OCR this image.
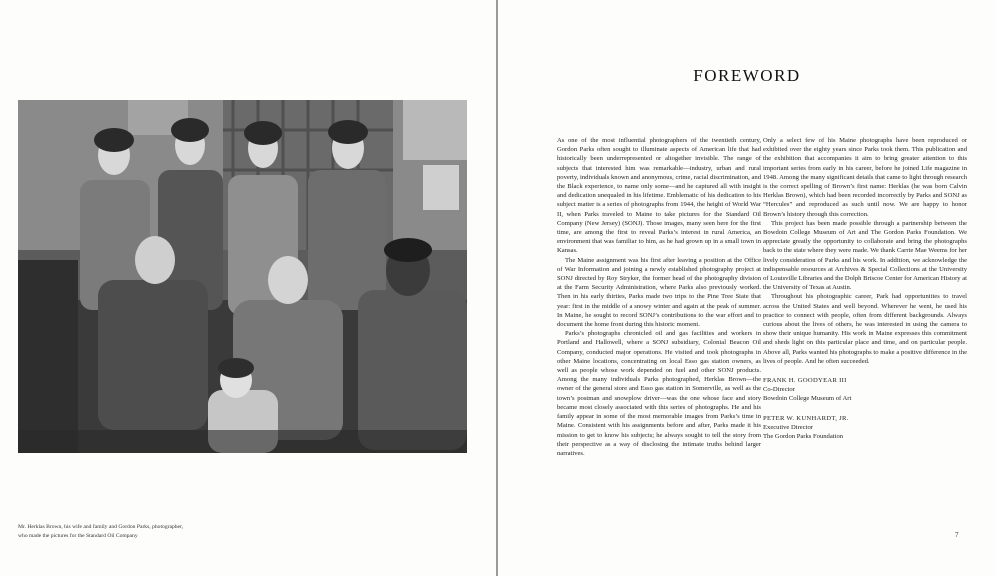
Mr. Herklas Brown, his wife and family and Gordon Parks, photographer,
who made the pictures for the Standard Oil Company
FOREWORD

As one of the most influential photographers of the twentieth century, Gordon Parks often sought to illuminate aspects of American life that had historically been underrepresented or altogether invisible. The range of subjects that interested him was remarkable—industry, urban and rural poverty, individuals known and anonymous, crime, racial discrimination, and the Black experience, to name only some—and he captured all with insight and dedication unequaled in his lifetime. Emblematic of his dedication to his subject matter is a series of photographs from 1944, the height of World War II, when Parks traveled to Maine to take pictures for the Standard Oil Company (New Jersey) (SONJ). Those images, many seen here for the first time, are among the first to reveal Parks’s interest in rural America, an environment that was familiar to him, as he had grown up in a small town in Kansas.

The Maine assignment was his first after leaving a position at the Office of War Information and joining a newly established photography project at SONJ directed by Roy Stryker, the former head of the photography division at the Farm Security Administration, where Parks also previously worked. Then in his early thirties, Parks made two trips to the Pine Tree State that year: first in the middle of a snowy winter and again at the peak of summer. In Maine, he sought to record SONJ’s contributions to the war effort and to document the home front during this historic moment.

Parks’s photographs chronicled oil and gas facilities and workers in Portland and Hallowell, where a SONJ subsidiary, Colonial Beacon Oil Company, conducted major operations. He visited and took photographs in other Maine locations, concentrating on local Esso gas station owners, as well as people whose work depended on fuel and other SONJ products. Among the many individuals Parks photographed, Herklas Brown—the owner of the general store and Esso gas station in Somerville, as well as the town’s postman and snowplow driver—was the one whose face and story became most closely associated with this series of photographs. He and his family appear in some of the most memorable images from Parks’s time in Maine. Consistent with his assignments before and after, Parks made it his mission to get to know his subjects; he always sought to tell the story from their perspective as a way of disclosing the intimate truths behind larger narratives.

Only a select few of his Maine photographs have been reproduced or exhibited over the eighty years since Parks took them. This publication and the exhibition that accompanies it aim to bring greater attention to this important series from early in his career, before he joined Life magazine in 1948. Among the many significant details that came to light through research is the correct spelling of Brown’s first name: Herklas (he was born Calvin Herklas Brown), which had been recorded incorrectly by Parks and SONJ as “Hercules” and reproduced as such until now. We are happy to honor Brown’s history through this correction.

This project has been made possible through a partnership between the Bowdoin College Museum of Art and The Gordon Parks Foundation. We appreciate greatly the opportunity to collaborate and bring the photographs back to the state where they were made. We thank Carrie Mae Weems for her lively consideration of Parks and his work. In addition, we acknowledge the indispensable resources at Archives & Special Collections at the University of Louisville Libraries and the Dolph Briscoe Center for American History at the University of Texas at Austin.

Throughout his photographic career, Park had opportunities to travel across the United States and well beyond. Wherever he went, he used his practice to connect with people, often from different backgrounds. Always curious about the lives of others, he was interested in using the camera to show their unique humanity. His work in Maine expresses this commitment and sheds light on this particular place and time, and on particular people. Above all, Parks wanted his photographs to make a positive difference in the lives of people. And he often succeeded.

FRANK H. GOODYEAR III
Co-Director
Bowdoin College Museum of Art
PETER W. KUNHARDT, JR.
Executive Director
The Gordon Parks Foundation
7
